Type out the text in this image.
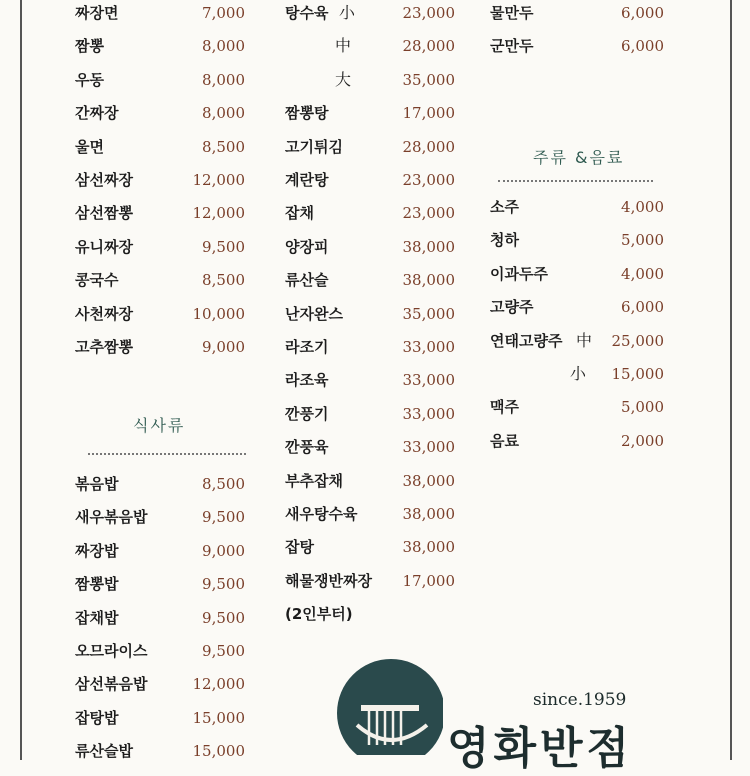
짜장면	7,000
짬뽕	8,000
우동	8,000
간짜장	8,000
울면	8,500
삼선짜장	12,000
삼선짬뽕	12,000
유니짜장	9,500
콩국수	8,500
사천짜장	10,000
고추짬뽕	9,000
식사류
볶음밥	8,500
새우볶음밥	9,500
짜장밥	9,000
짬뽕밥	9,500
잡채밥	9,500
오므라이스	9,500
삼선볶음밥	12,000
잡탕밥	15,000
류산슬밥	15,000
탕수육 小	23,000
中	28,000
大	35,000
짬뽕탕	17,000
고기튀김	28,000
계란탕	23,000
잡채	23,000
양장피	38,000
류산슬	38,000
난자완스	35,000
라조기	33,000
라조육	33,000
깐풍기	33,000
깐풍육	33,000
부추잡채	38,000
새우탕수육	38,000
잡탕	38,000
해물쟁반짜장 17,000
(2인부터)
물만두	6,000
군만두	6,000
주류 &음료
소주	4,000
청하	5,000
이과두주	4,000
고량주	6,000
연태고량주 中 25,000
小 15,000
맥주	5,000
음료	2,000
since.1959
영화반점
